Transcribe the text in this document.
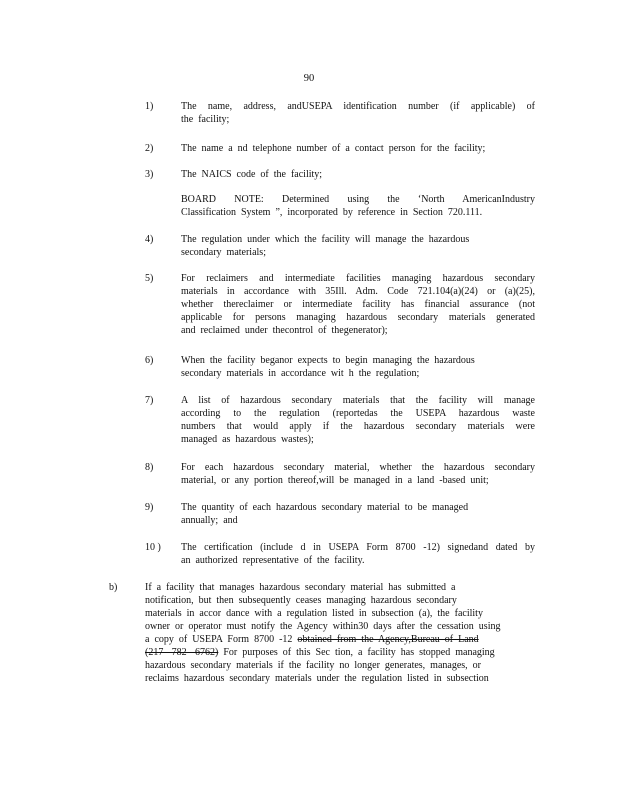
90
1)	The name, address, andUSEPA identification number (if applicable) of
the facility;
2)	The name a nd telephone number of a contact person for the facility;
3)	The NAICS code of the facility;
BOARD NOTE: Determined using the ‘North AmericanIndustry
Classification System ”, incorporated by reference in Section 720.111.
4)	The regulation under which the facility will manage the hazardous
secondary materials;
5)	For reclaimers and intermediate facilities managing hazardous secondary
materials in accordance with 35Ill. Adm. Code 721.104(a)(24) or (a)(25),
whether thereclaimer or intermediate facility has financial assurance (not
applicable for persons managing hazardous secondary materials generated
and reclaimed under thecontrol of thegenerator);
6)	When the facility beganor expects to begin managing the hazardous
secondary materials in accordance wit h the regulation;
7)	A list of hazardous secondary materials that the facility will manage
according to the regulation (reportedas the USEPA hazardous waste
numbers that would apply if the hazardous secondary materials were
managed as hazardous wastes);
8)	For each hazardous secondary material, whether the hazardous secondary
material, or any portion thereof,will be managed in a land -based unit;
9)	The quantity of each hazardous secondary material to be managed
annually; and
10 ) The certification (include d in USEPA Form 8700 -12) signedand dated by
an authorized representative of the facility.
b)	If a facility that manages hazardous secondary material has submitted a
notification, but then subsequently ceases managing hazardous secondary
materials in accor dance with a regulation listed in subsection (a), the facility
owner or operator must notify the Agency within30 days after the cessation using
a copy of USEPA Form 8700 -12 obtained from the Agency,Bureau of Land
(217 -782 -6762) For purposes of this Sec tion, a facility has stopped managing
hazardous secondary materials if the facility no longer generates, manages, or
reclaims hazardous secondary materials under the regulation listed in subsection
